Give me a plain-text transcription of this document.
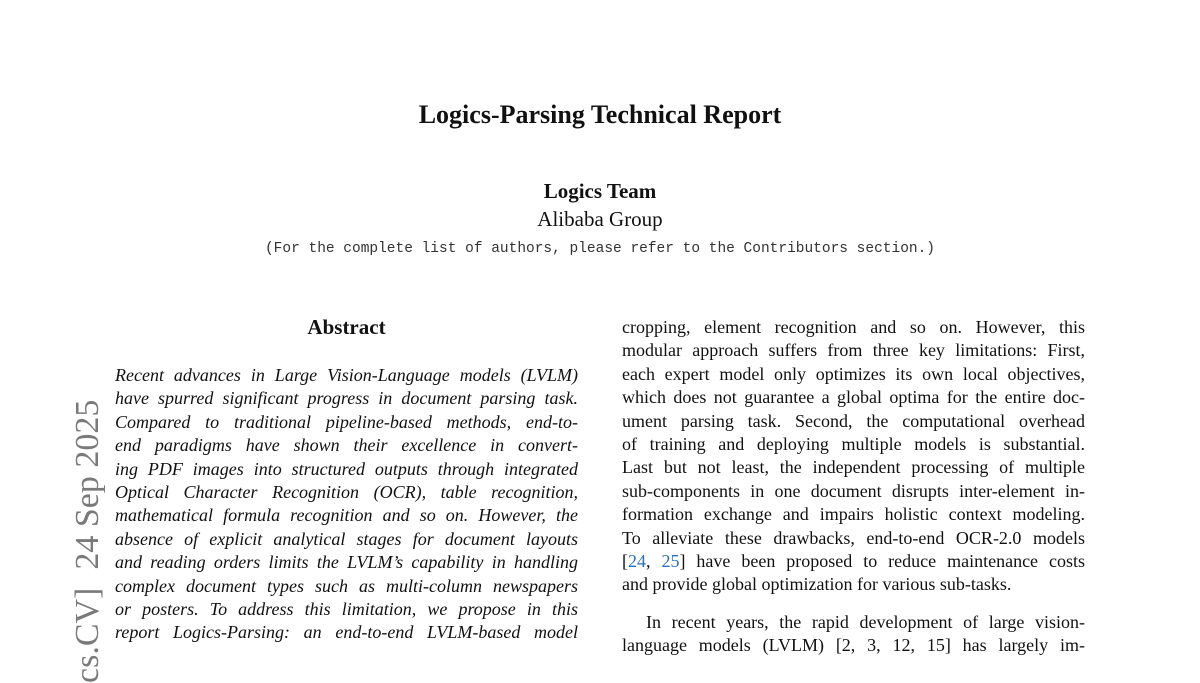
cs.CV]24 Sep 2025
Logics-Parsing Technical Report
Logics Team
Alibaba Group
(For the complete list of authors, please refer to the Contributors section.)
Abstract
Recent advances in Large Vision-Language models (LVLM)
have spurred significant progress in document parsing task.
Compared to traditional pipeline-based methods, end-to-
end paradigms have shown their excellence in convert-
ing PDF images into structured outputs through integrated
Optical Character Recognition (OCR), table recognition,
mathematical formula recognition and so on. However, the
absence of explicit analytical stages for document layouts
and reading orders limits the LVLM’s capability in handling
complex document types such as multi-column newspapers
or posters. To address this limitation, we propose in this
report Logics-Parsing: an end-to-end LVLM-based model
cropping, element recognition and so on. However, this
modular approach suffers from three key limitations: First,
each expert model only optimizes its own local objectives,
which does not guarantee a global optima for the entire doc-
ument parsing task. Second, the computational overhead
of training and deploying multiple models is substantial.
Last but not least, the independent processing of multiple
sub-components in one document disrupts inter-element in-
formation exchange and impairs holistic context modeling.
To alleviate these drawbacks, end-to-end OCR-2.0 models
[24, 25] have been proposed to reduce maintenance costs
and provide global optimization for various sub-tasks.
In recent years, the rapid development of large vision-
language models (LVLM) [2, 3, 12, 15] has largely im-
